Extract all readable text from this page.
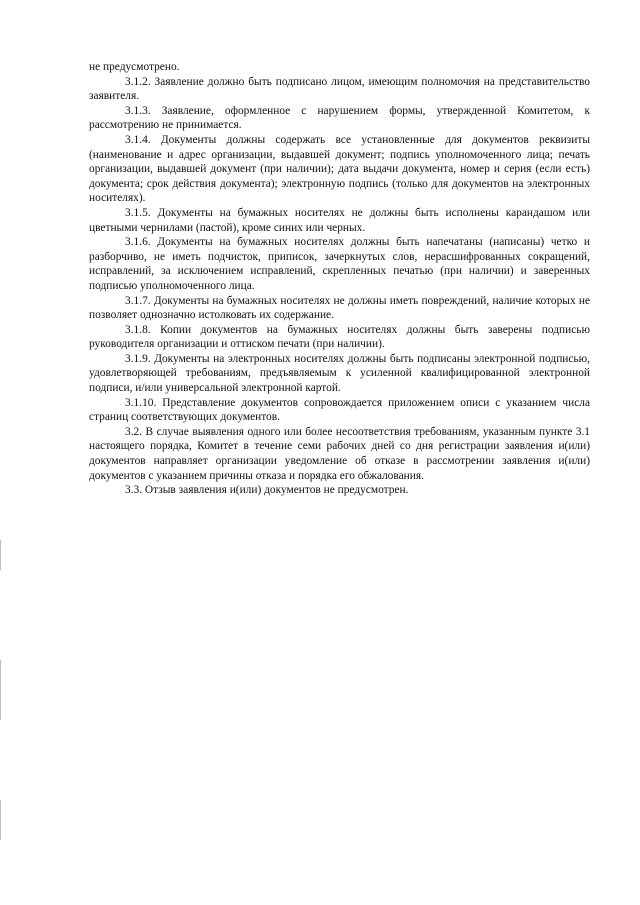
не предусмотрено.

3.1.2. Заявление должно быть подписано лицом, имеющим полномочия на представительство заявителя.

3.1.3. Заявление, оформленное с нарушением формы, утвержденной Комитетом, к рассмотрению не принимается.

3.1.4. Документы должны содержать все установленные для документов реквизиты (наименование и адрес организации, выдавшей документ; подпись уполномоченного лица; печать организации, выдавшей документ (при наличии); дата выдачи документа, номер и серия (если есть) документа; срок действия документа); электронную подпись (только для документов на электронных носителях).

3.1.5. Документы на бумажных носителях не должны быть исполнены карандашом или цветными чернилами (пастой), кроме синих или черных.

3.1.6. Документы на бумажных носителях должны быть напечатаны (написаны) четко и разборчиво, не иметь подчисток, приписок, зачеркнутых слов, нерасшифрованных сокращений, исправлений, за исключением исправлений, скрепленных печатью (при наличии) и заверенных подписью уполномоченного лица.

3.1.7. Документы на бумажных носителях не должны иметь повреждений, наличие которых не позволяет однозначно истолковать их содержание.

3.1.8. Копии документов на бумажных носителях должны быть заверены подписью руководителя организации и оттиском печати (при наличии).

3.1.9. Документы на электронных носителях должны быть подписаны электронной подписью, удовлетворяющей требованиям, предъявляемым к усиленной квалифицированной электронной подписи, и/или универсальной электронной картой.

3.1.10. Представление документов сопровождается приложением описи с указанием числа страниц соответствующих документов.

3.2. В случае выявления одного или более несоответствия требованиям, указанным пункте 3.1 настоящего порядка, Комитет в течение семи рабочих дней со дня регистрации заявления и(или) документов направляет организации уведомление об отказе в рассмотрении заявления и(или) документов с указанием причины отказа и порядка его обжалования.

3.3. Отзыв заявления и(или) документов не предусмотрен.
